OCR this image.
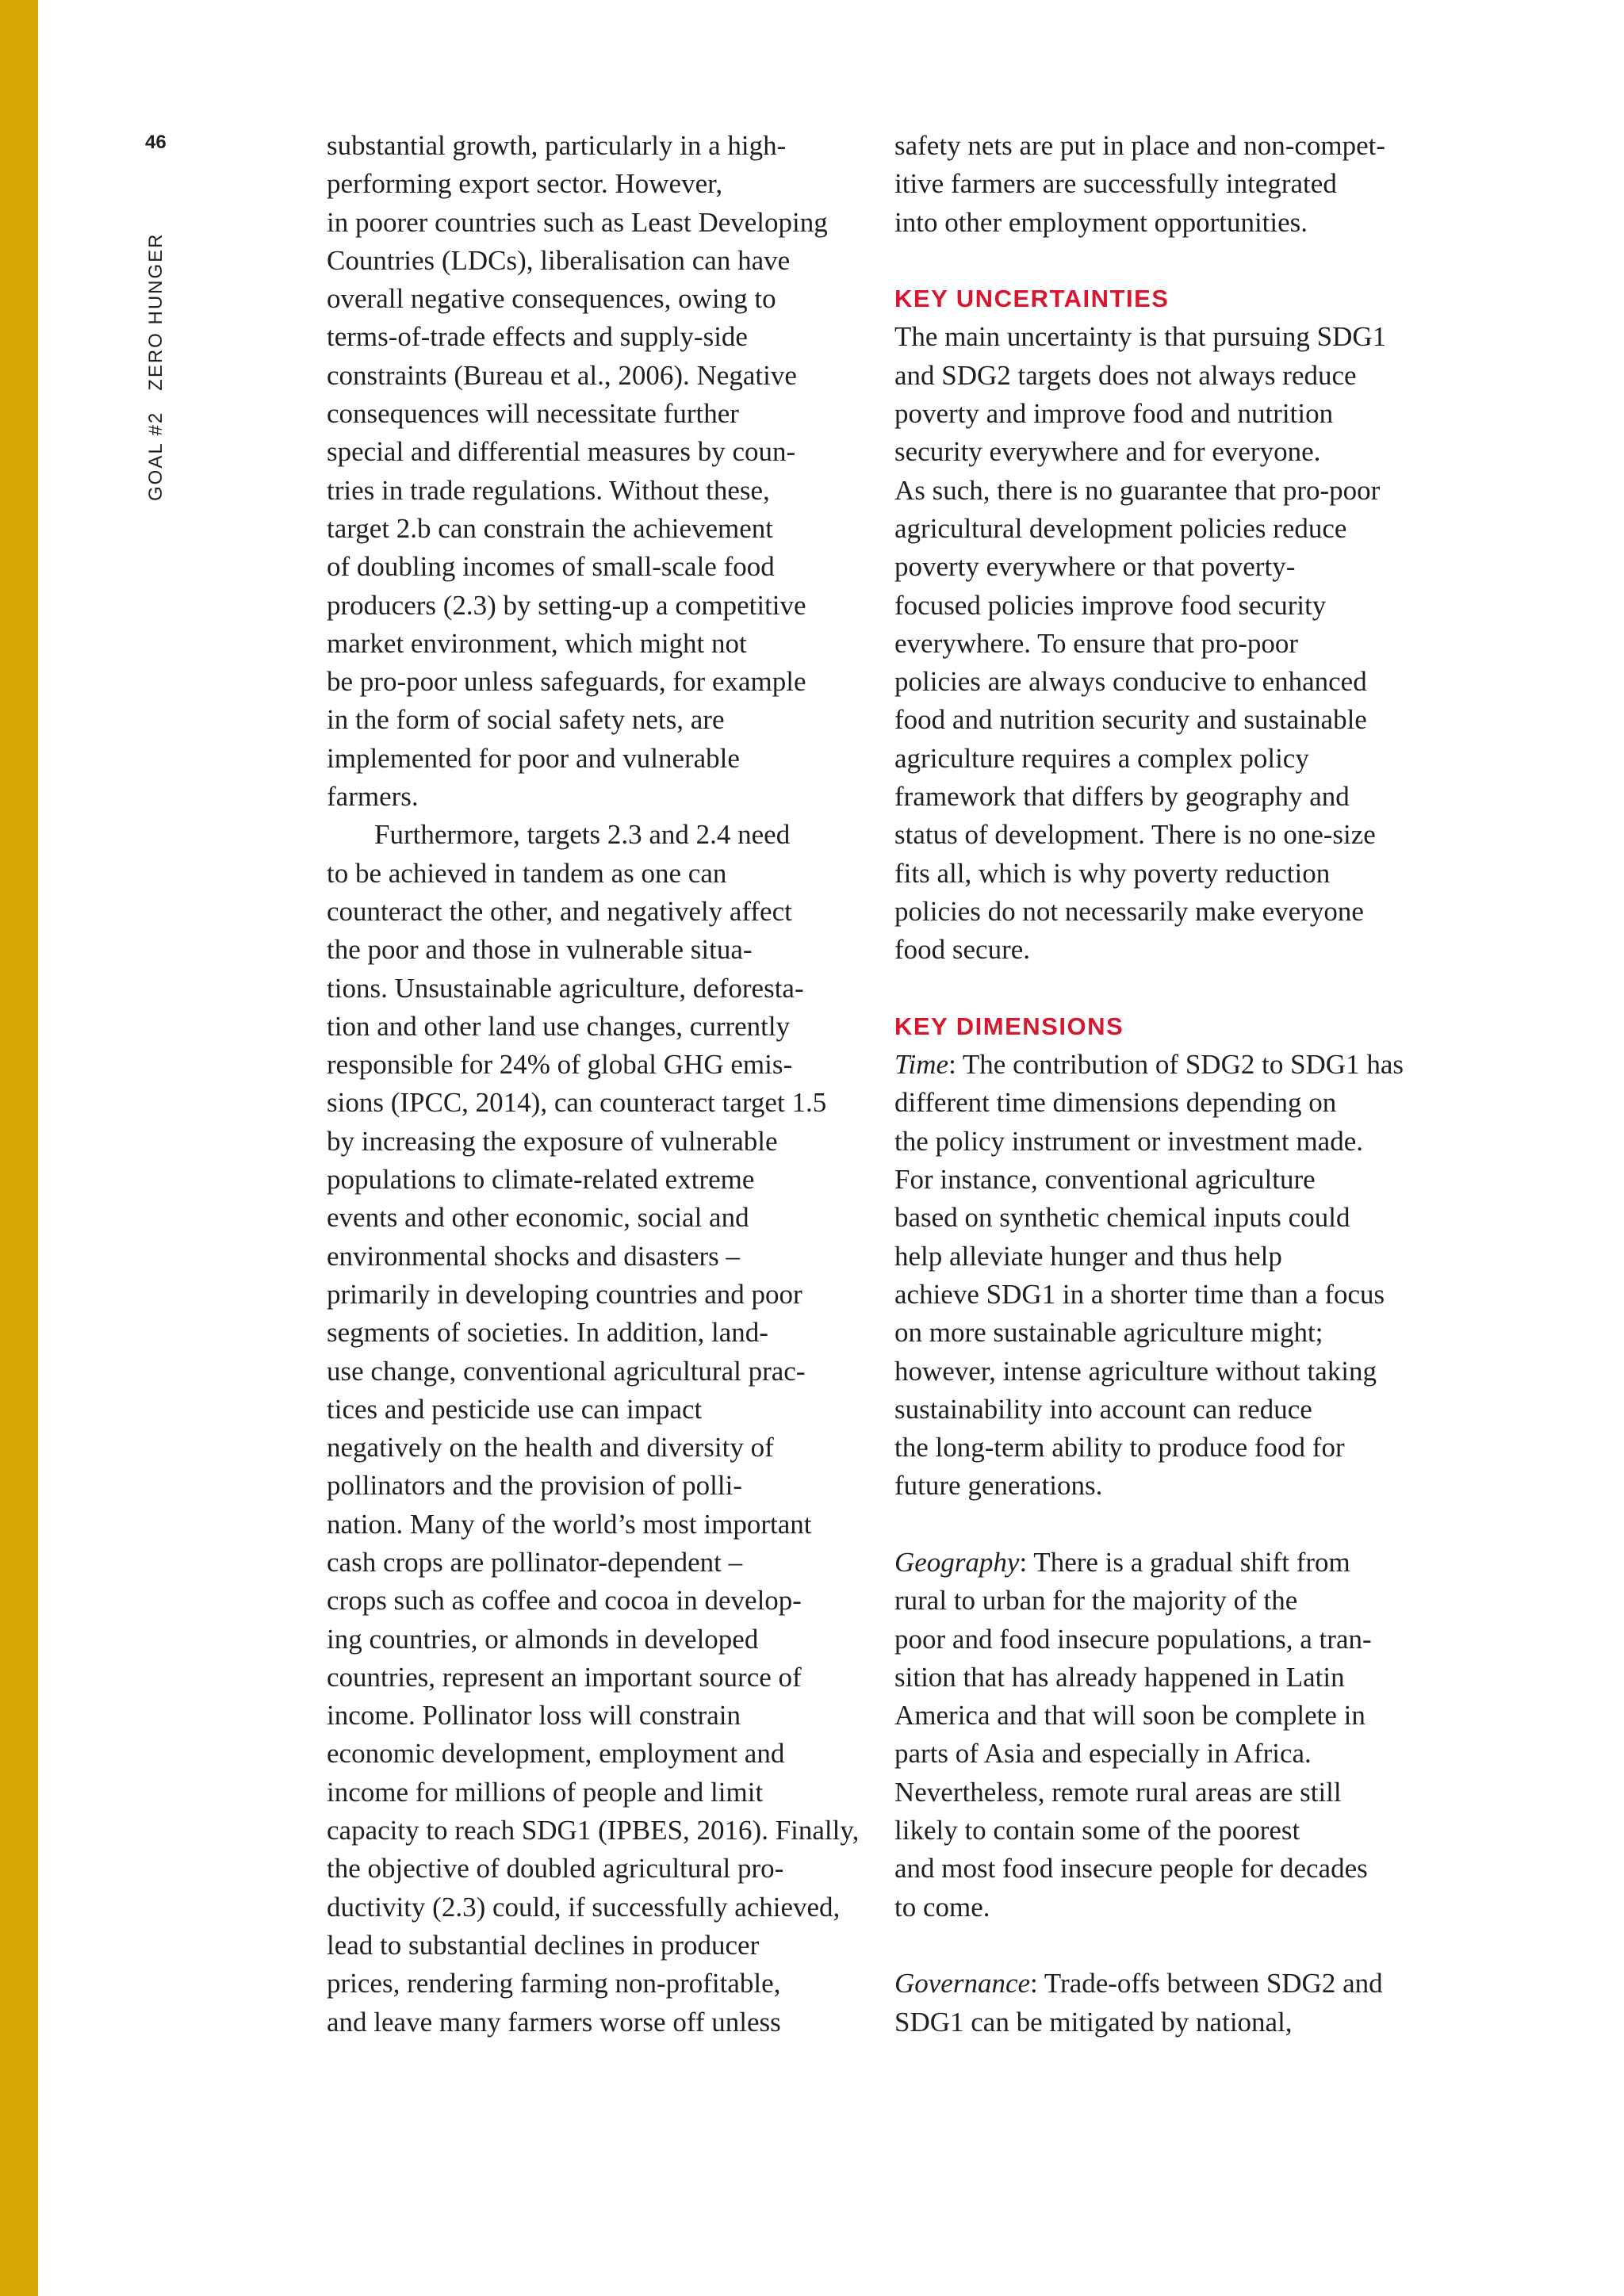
46
GOAL #2ZERO HUNGER
substantial growth, particularly in a high-
performing export sector. However,
in poorer countries such as Least Developing
Countries (LDCs), liberalisation can have
overall negative consequences, owing to
terms-of-trade effects and supply-side
constraints (Bureau et al., 2006). Negative
consequences will necessitate further
special and differential measures by coun-
tries in trade regulations. Without these,
target 2.b can constrain the achievement
of doubling incomes of small-scale food
producers (2.3) by setting-up a competitive
market environment, which might not
be pro-poor unless safeguards, for example
in the form of social safety nets, are
implemented for poor and vulnerable
farmers.
Furthermore, targets 2.3 and 2.4 need
to be achieved in tandem as one can
counteract the other, and negatively affect
the poor and those in vulnerable situa-
tions. Unsustainable agriculture, deforesta-
tion and other land use changes, currently
responsible for 24% of global GHG emis-
sions (IPCC, 2014), can counteract target 1.5
by increasing the exposure of vulnerable
populations to climate-related extreme
events and other economic, social and
environmental shocks and disasters –
primarily in developing countries and poor
segments of societies. In addition, land-
use change, conventional agricultural prac-
tices and pesticide use can impact
negatively on the health and diversity of
pollinators and the provision of polli-
nation. Many of the world’s most important
cash crops are pollinator-dependent –
crops such as coffee and cocoa in develop-
ing countries, or almonds in developed
countries, represent an important source of
income. Pollinator loss will constrain
economic development, employment and
income for millions of people and limit
capacity to reach SDG1 (IPBES, 2016). Finally,
the objective of doubled agricultural pro-
ductivity (2.3) could, if successfully achieved,
lead to substantial declines in producer
prices, rendering farming non-profitable,
and leave many farmers worse off unless
safety nets are put in place and non-compet-
itive farmers are successfully integrated
into other employment opportunities.
KEY UNCERTAINTIES
The main uncertainty is that pursuing SDG1
and SDG2 targets does not always reduce
poverty and improve food and nutrition
security everywhere and for everyone.
As such, there is no guarantee that pro-poor
agricultural development policies reduce
poverty everywhere or that poverty-
focused policies improve food security
everywhere. To ensure that pro-poor
policies are always conducive to enhanced
food and nutrition security and sustainable
agriculture requires a complex policy
framework that differs by geography and
status of development. There is no one-size
fits all, which is why poverty reduction
policies do not necessarily make everyone
food secure.
KEY DIMENSIONS
Time: The contribution of SDG2 to SDG1 has
different time dimensions depending on
the policy instrument or investment made.
For instance, conventional agriculture
based on synthetic chemical inputs could
help alleviate hunger and thus help
achieve SDG1 in a shorter time than a focus
on more sustainable agriculture might;
however, intense agriculture without taking
sustainability into account can reduce
the long-term ability to produce food for
future generations.
Geography: There is a gradual shift from
rural to urban for the majority of the
poor and food insecure populations, a tran-
sition that has already happened in Latin
America and that will soon be complete in
parts of Asia and especially in Africa.
Nevertheless, remote rural areas are still
likely to contain some of the poorest
and most food insecure people for decades
to come.
Governance: Trade-offs between SDG2 and
SDG1 can be mitigated by national,
